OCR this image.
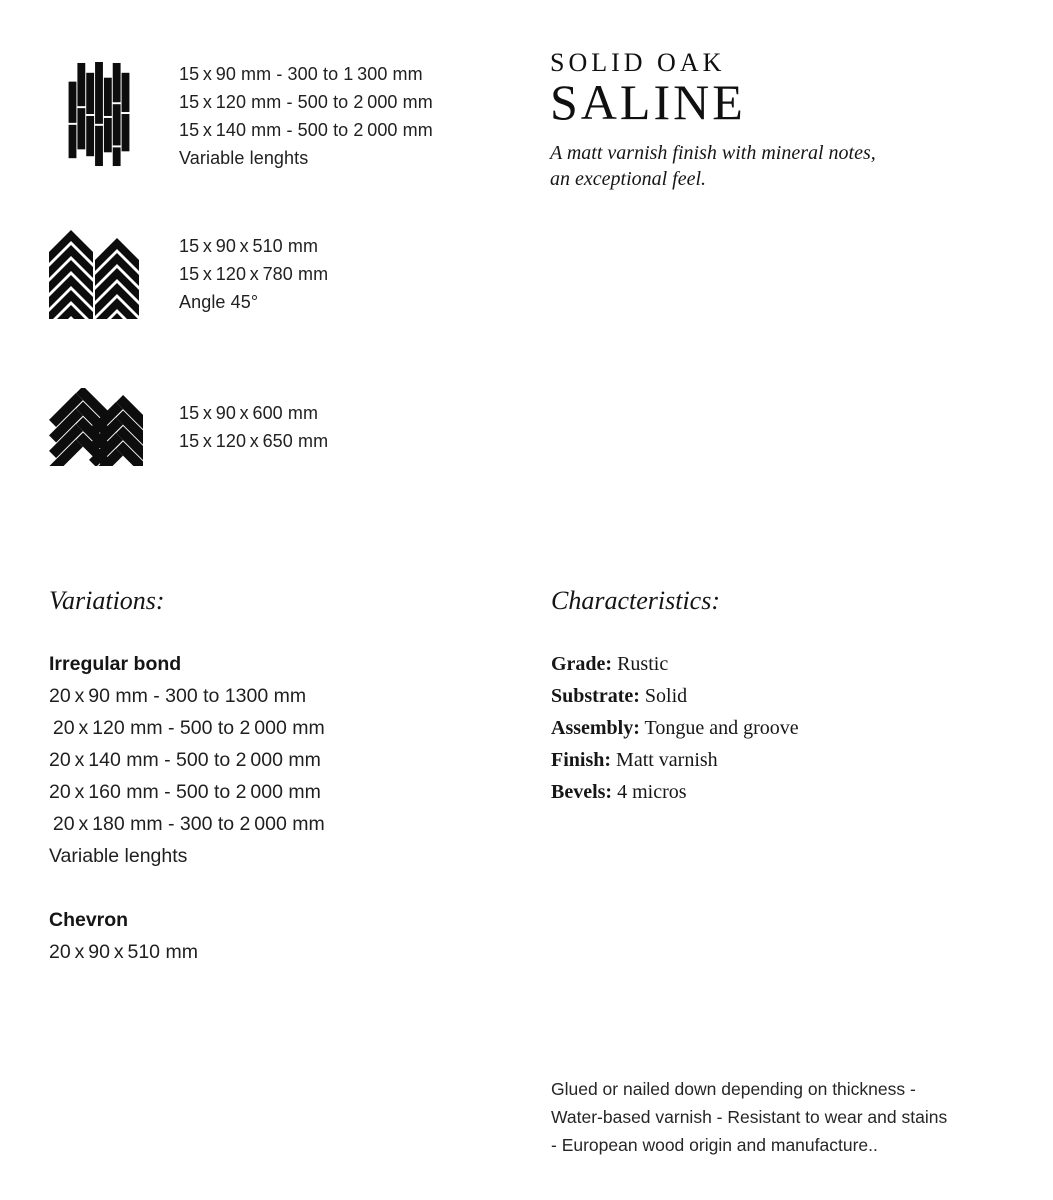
15 x 90 mm - 300 to 1 300 mm
15 x 120 mm - 500 to 2 000 mm
15 x 140 mm - 500 to 2 000 mm
Variable lenghts
SOLID OAK
SALINE
A matt varnish finish with mineral notes,
an exceptional feel.
15 x 90 x 510 mm
15 x 120 x 780 mm
Angle 45°
15 x 90 x 600 mm
15 x 120 x 650 mm
Variations:
Irregular bond
20 x 90 mm - 300 to 1300 mm
 20 x 120 mm - 500 to 2 000 mm
20 x 140 mm - 500 to 2 000 mm
20 x 160 mm - 500 to 2 000 mm
 20 x 180 mm - 300 to 2 000 mm
Variable lenghts
Chevron
20 x 90 x 510 mm
Characteristics:
Grade: Rustic
Substrate: Solid
Assembly: Tongue and groove
Finish: Matt varnish
Bevels: 4 micros
Glued or nailed down depending on thickness -
Water-based varnish - Resistant to wear and stains
- European wood origin and manufacture..
